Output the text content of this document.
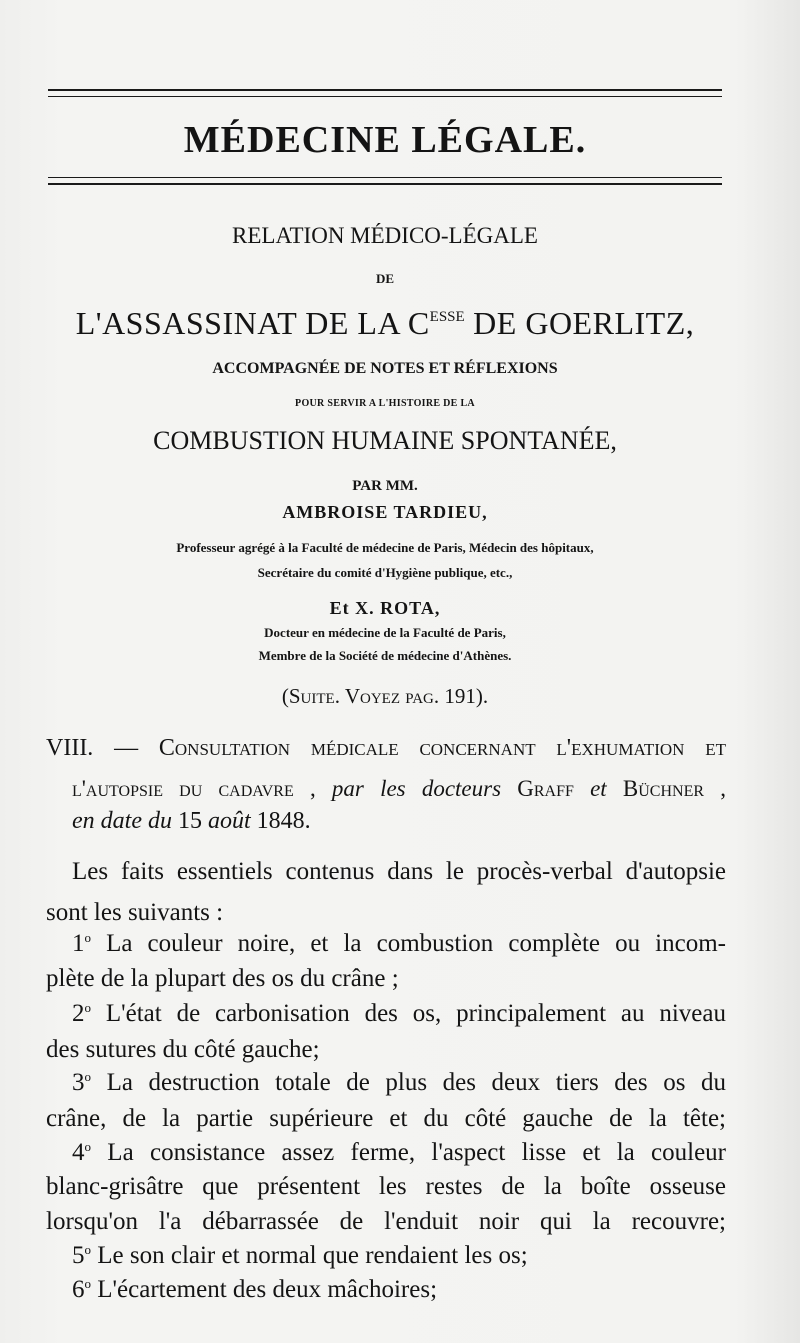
MÉDECINE LÉGALE.
RELATION MÉDICO-LÉGALE
DE
L'ASSASSINAT DE LA $C^{ESSE}$ DE GOERLITZ,
ACCOMPAGNÉE DE NOTES ET RÉFLEXIONS
POUR SERVIR A L'HISTOIRE DE LA
COMBUSTION HUMAINE SPONTANÉE,
PAR MM.
AMBROISE TARDIEU,
Professeur agrégé à la Faculté de médecine de Paris, Médecin des hôpitaux,
Secrétaire du comité d'Hygiène publique, etc.,
Et X. ROTA,
Docteur en médecine de la Faculté de Paris,
Membre de la Société de médecine d'Athènes.
(Suite. Voyez pag. 191).
VIII. — Consultation médicale concernant l'exhumation et
l'autopsie du cadavre , par les docteurs Graff et Büchner ,
en date du 15 août 1848.
Les faits essentiels contenus dans le procès-verbal d'autopsie
sont les suivants :
1$^o$ La couleur noire, et la combustion complète ou incom-
plète de la plupart des os du crâne ;
2$^o$ L'état de carbonisation des os, principalement au niveau
des sutures du côté gauche;
3$^o$ La destruction totale de plus des deux tiers des os du
crâne, de la partie supérieure et du côté gauche de la tête;
4$^o$ La consistance assez ferme, l'aspect lisse et la couleur
blanc-grisâtre que présentent les restes de la boîte osseuse
lorsqu'on l'a débarrassée de l'enduit noir qui la recouvre;
5$^o$ Le son clair et normal que rendaient les os;
6$^o$ L'écartement des deux mâchoires;
